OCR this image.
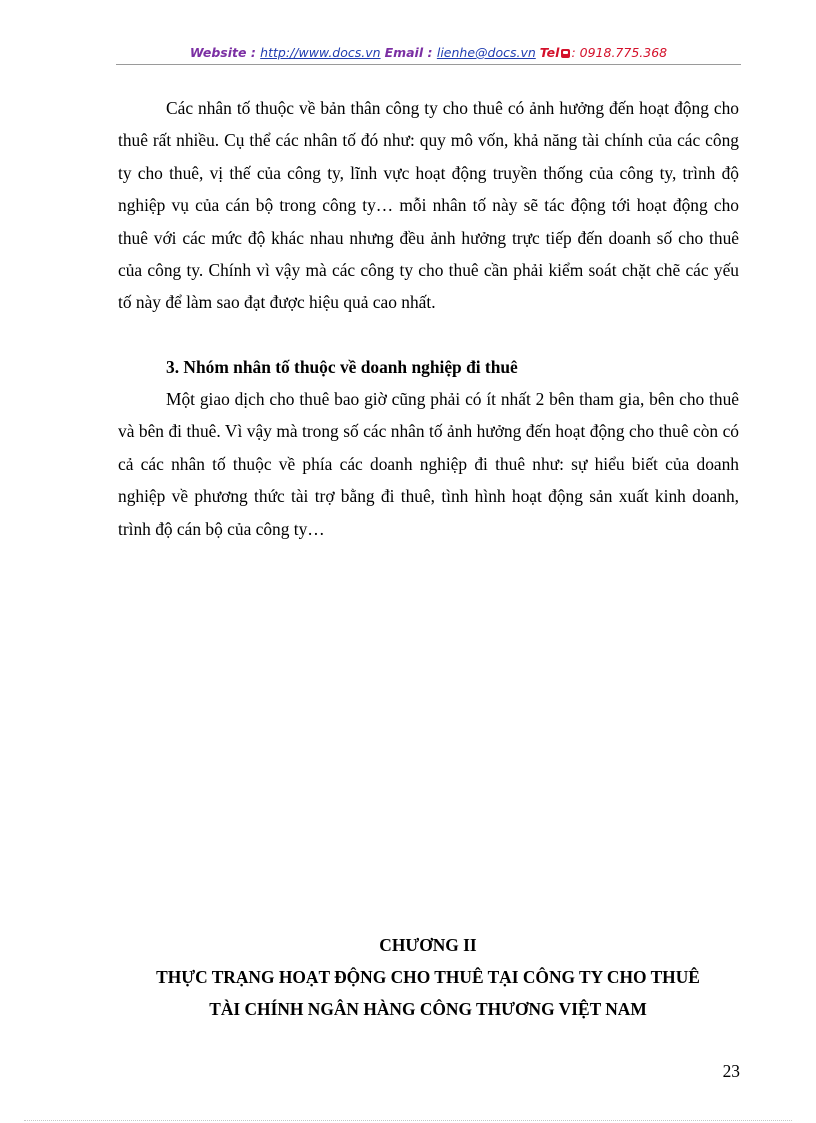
Website : http://www.docs.vn Email : lienhe@docs.vn Tel : 0918.775.368

Các nhân tố thuộc về bản thân công ty cho thuê có ảnh hưởng đến hoạt động cho thuê rất nhiều. Cụ thể các nhân tố đó như: quy mô vốn, khả năng tài chính của các công ty cho thuê, vị thế của công ty, lĩnh vực hoạt động truyền thống của công ty, trình độ nghiệp vụ của cán bộ trong công ty… mỗi nhân tố này sẽ tác động tới hoạt động cho thuê với các mức độ khác nhau nhưng đều ảnh hưởng trực tiếp đến doanh số cho thuê của công ty. Chính vì vậy mà các công ty cho thuê cần phải kiểm soát chặt chẽ các yếu tố này để làm sao đạt được hiệu quả cao nhất.

3. Nhóm nhân tố thuộc về doanh nghiệp đi thuê

Một giao dịch cho thuê bao giờ cũng phải có ít nhất 2 bên tham gia, bên cho thuê và bên đi thuê. Vì vậy mà trong số các nhân tố ảnh hưởng đến hoạt động cho thuê còn có cả các nhân tố thuộc về phía các doanh nghiệp đi thuê như: sự hiểu biết của doanh nghiệp về phương thức tài trợ bằng đi thuê, tình hình hoạt động sản xuất kinh doanh, trình độ cán bộ của công ty…

CHƯƠNG II

THỰC TRẠNG HOẠT ĐỘNG CHO THUÊ TẠI CÔNG TY CHO THUÊ

TÀI CHÍNH NGÂN HÀNG CÔNG THƯƠNG VIỆT NAM

23
